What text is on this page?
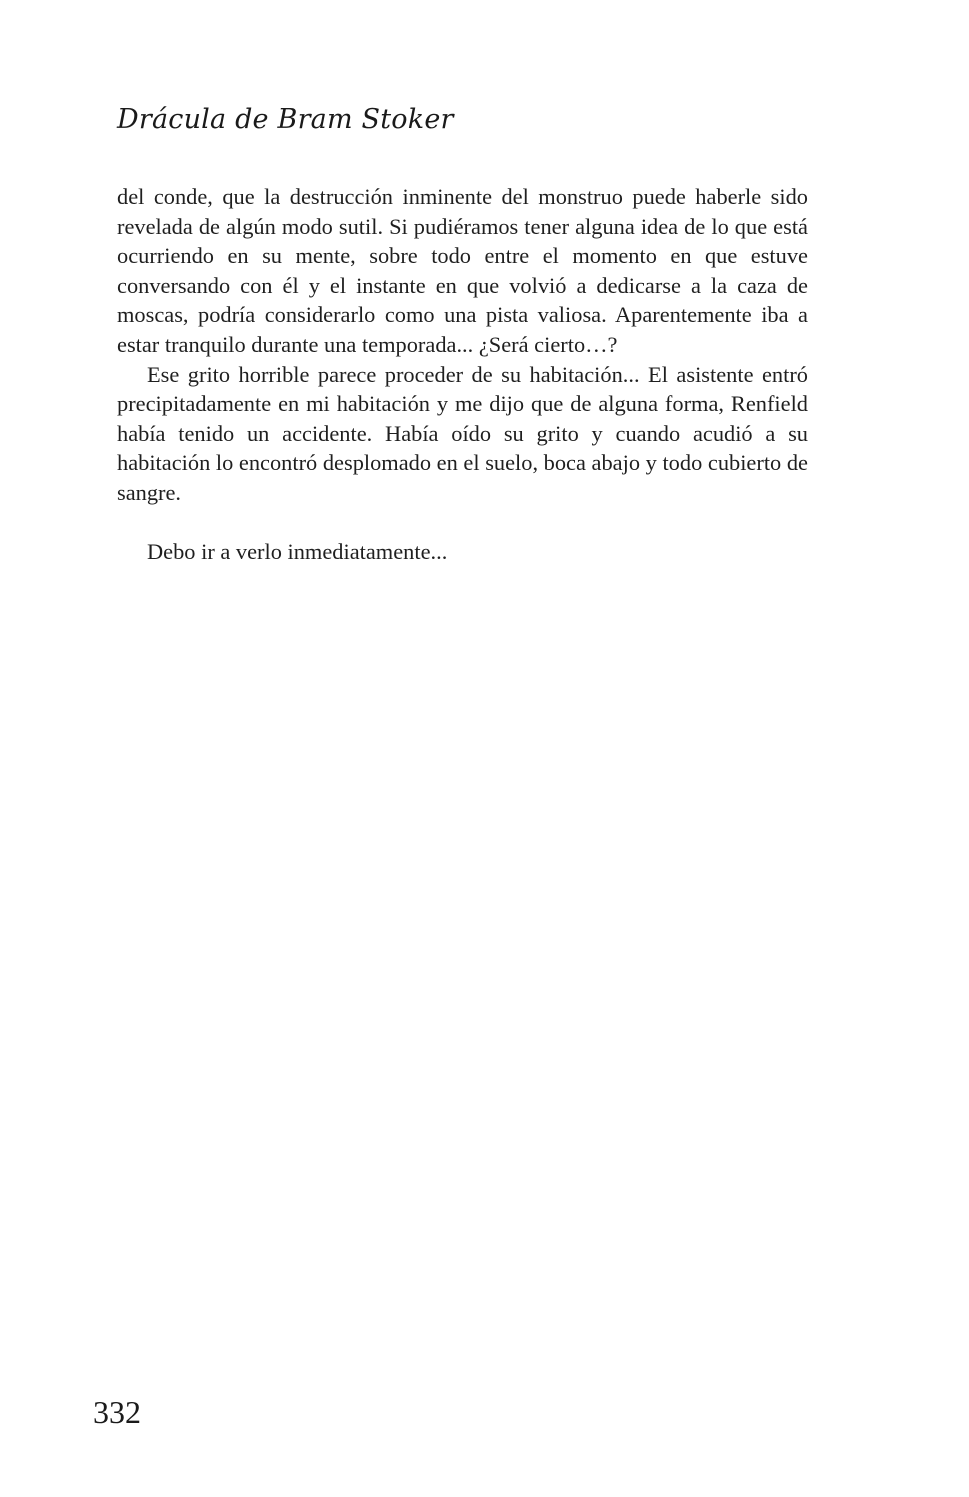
Drácula de Bram Stoker

del conde, que la destrucción inminente del monstruo puede haberle sido revelada de algún modo sutil. Si pudiéramos tener alguna idea de lo que está ocurriendo en su mente, sobre todo entre el momento en que estuve conversando con él y el instante en que volvió a dedicarse a la caza de moscas, podría considerarlo como una pista valiosa. Aparentemente iba a estar tranquilo durante una temporada... ¿Será cierto…?

Ese grito horrible parece proceder de su habitación... El asistente entró precipitadamente en mi habitación y me dijo que de alguna forma, Renfield había tenido un accidente. Había oído su grito y cuando acudió a su habitación lo encontró desplomado en el suelo, boca abajo y todo cubierto de sangre.

Debo ir a verlo inmediatamente...

332
